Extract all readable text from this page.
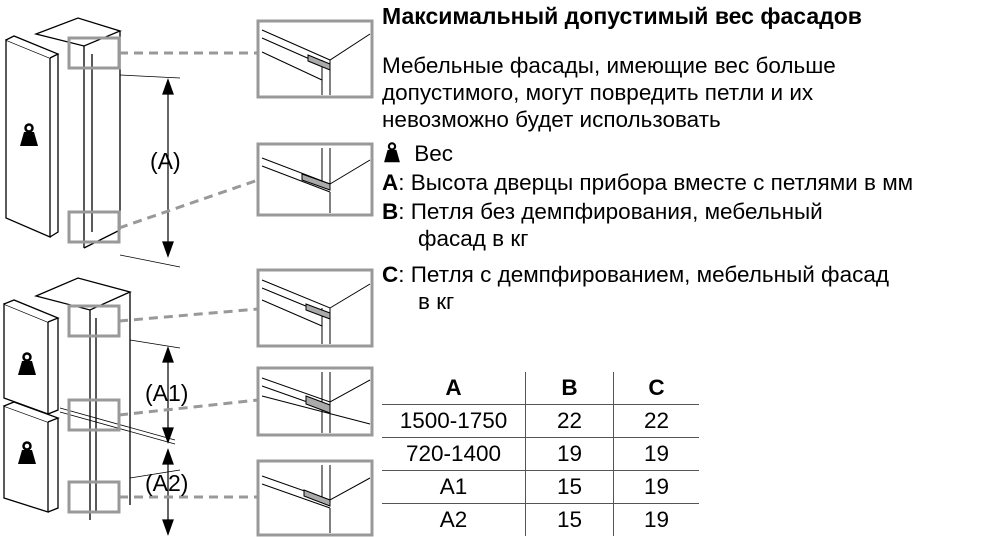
(A)
(A1)
(A2)
Максимальный допустимый вес фасадов
Мебельные фасады, имеющие вес больше
допустимого, могут повредить петли и их
невозможно будет использовать
Вес
A: Высота дверцы прибора вместе с петлями в мм
B: Петля без демпфирования, мебельный
фасад в кг
C: Петля с демпфированием, мебельный фасад
в кг
A	B	C
1500-1750	22	22
720-1400	19	19
A1	15	19
A2	15	19
